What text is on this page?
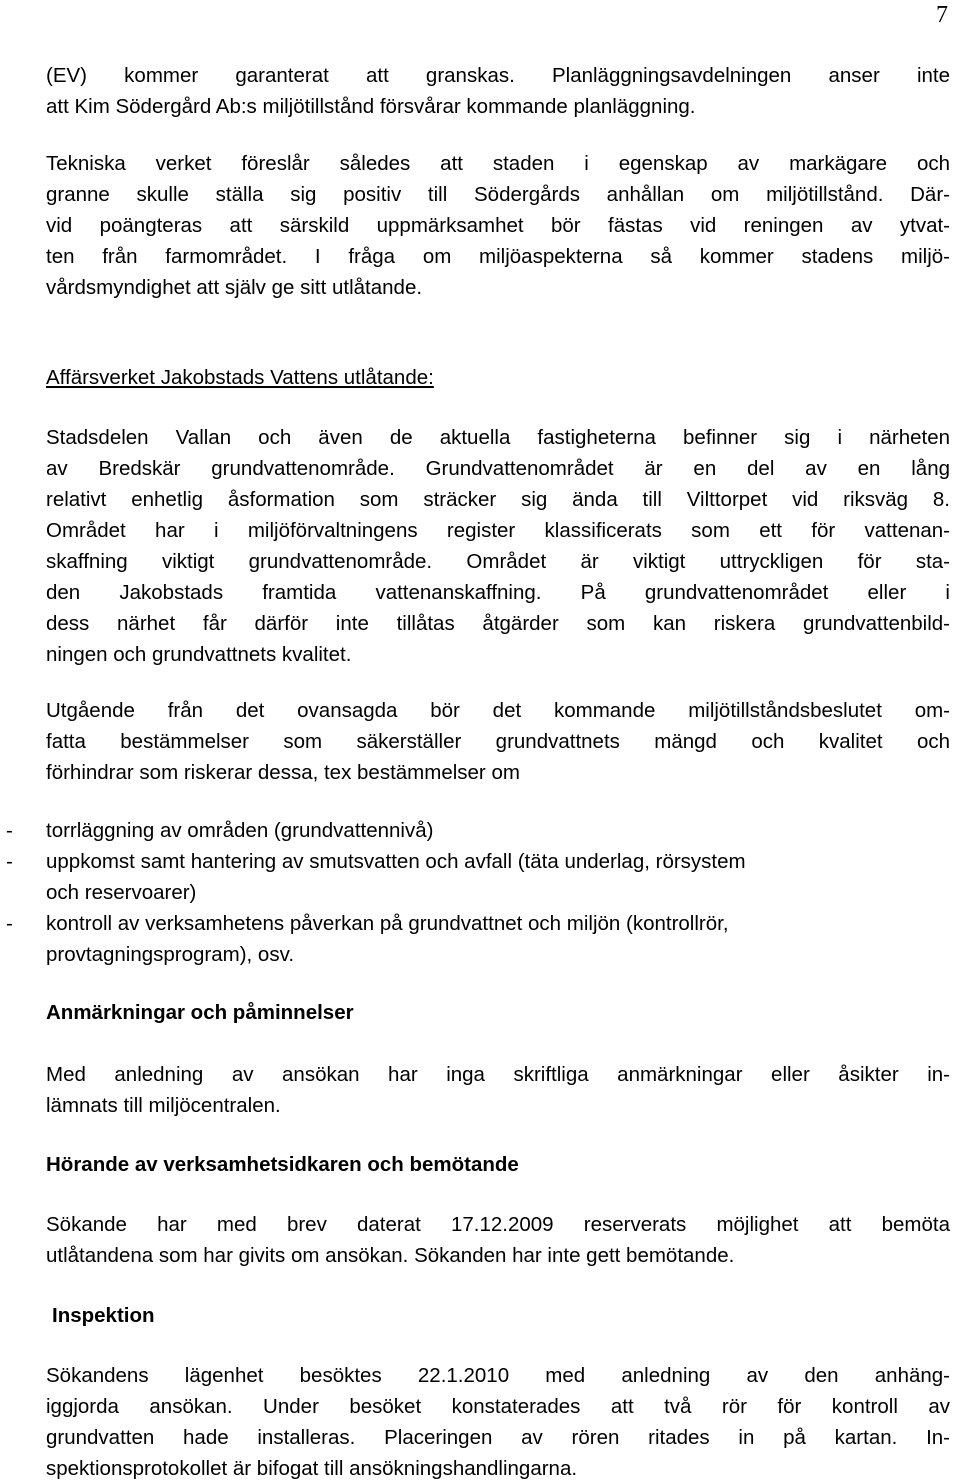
7
(EV) kommer garanterat att granskas. Planläggningsavdelningen anser inte
att Kim Södergård Ab:s miljötillstånd försvårar kommande planläggning.
Tekniska verket föreslår således att staden i egenskap av markägare och
granne skulle ställa sig positiv till Södergårds anhållan om miljötillstånd. Där-
vid poängteras att särskild uppmärksamhet bör fästas vid reningen av ytvat-
ten från farmområdet. I fråga om miljöaspekterna så kommer stadens miljö-
vårdsmyndighet att själv ge sitt utlåtande.
Affärsverket Jakobstads Vattens utlåtande:
Stadsdelen Vallan och även de aktuella fastigheterna befinner sig i närheten
av Bredskär grundvattenområde. Grundvattenområdet är en del av en lång
relativt enhetlig åsformation som sträcker sig ända till Vilttorpet vid riksväg 8.
Området har i miljöförvaltningens register klassificerats som ett för vattenan-
skaffning viktigt grundvattenområde. Området är viktigt uttryckligen för sta-
den Jakobstads framtida vattenanskaffning. På grundvattenområdet eller i
dess närhet får därför inte tillåtas åtgärder som kan riskera grundvattenbild-
ningen och grundvattnets kvalitet.
Utgående från det ovansagda bör det kommande miljötillståndsbeslutet om-
fatta bestämmelser som säkerställer grundvattnets mängd och kvalitet och
förhindrar som riskerar dessa, tex bestämmelser om
- torrläggning av områden (grundvattennivå)
- uppkomst samt hantering av smutsvatten och avfall (täta underlag, rörsystem
och reservoarer)
- kontroll av verksamhetens påverkan på grundvattnet och miljön (kontrollrör,
provtagningsprogram), osv.
Anmärkningar och påminnelser
Med anledning av ansökan har inga skriftliga anmärkningar eller åsikter in-
lämnats till miljöcentralen.
Hörande av verksamhetsidkaren och bemötande
Sökande har med brev daterat 17.12.2009 reserverats möjlighet att bemöta
utlåtandena som har givits om ansökan. Sökanden har inte gett bemötande.
Inspektion
Sökandens lägenhet besöktes 22.1.2010 med anledning av den anhäng-
iggjorda ansökan. Under besöket konstaterades att två rör för kontroll av
grundvatten hade installeras. Placeringen av rören ritades in på kartan. In-
spektionsprotokollet är bifogat till ansökningshandlingarna.
